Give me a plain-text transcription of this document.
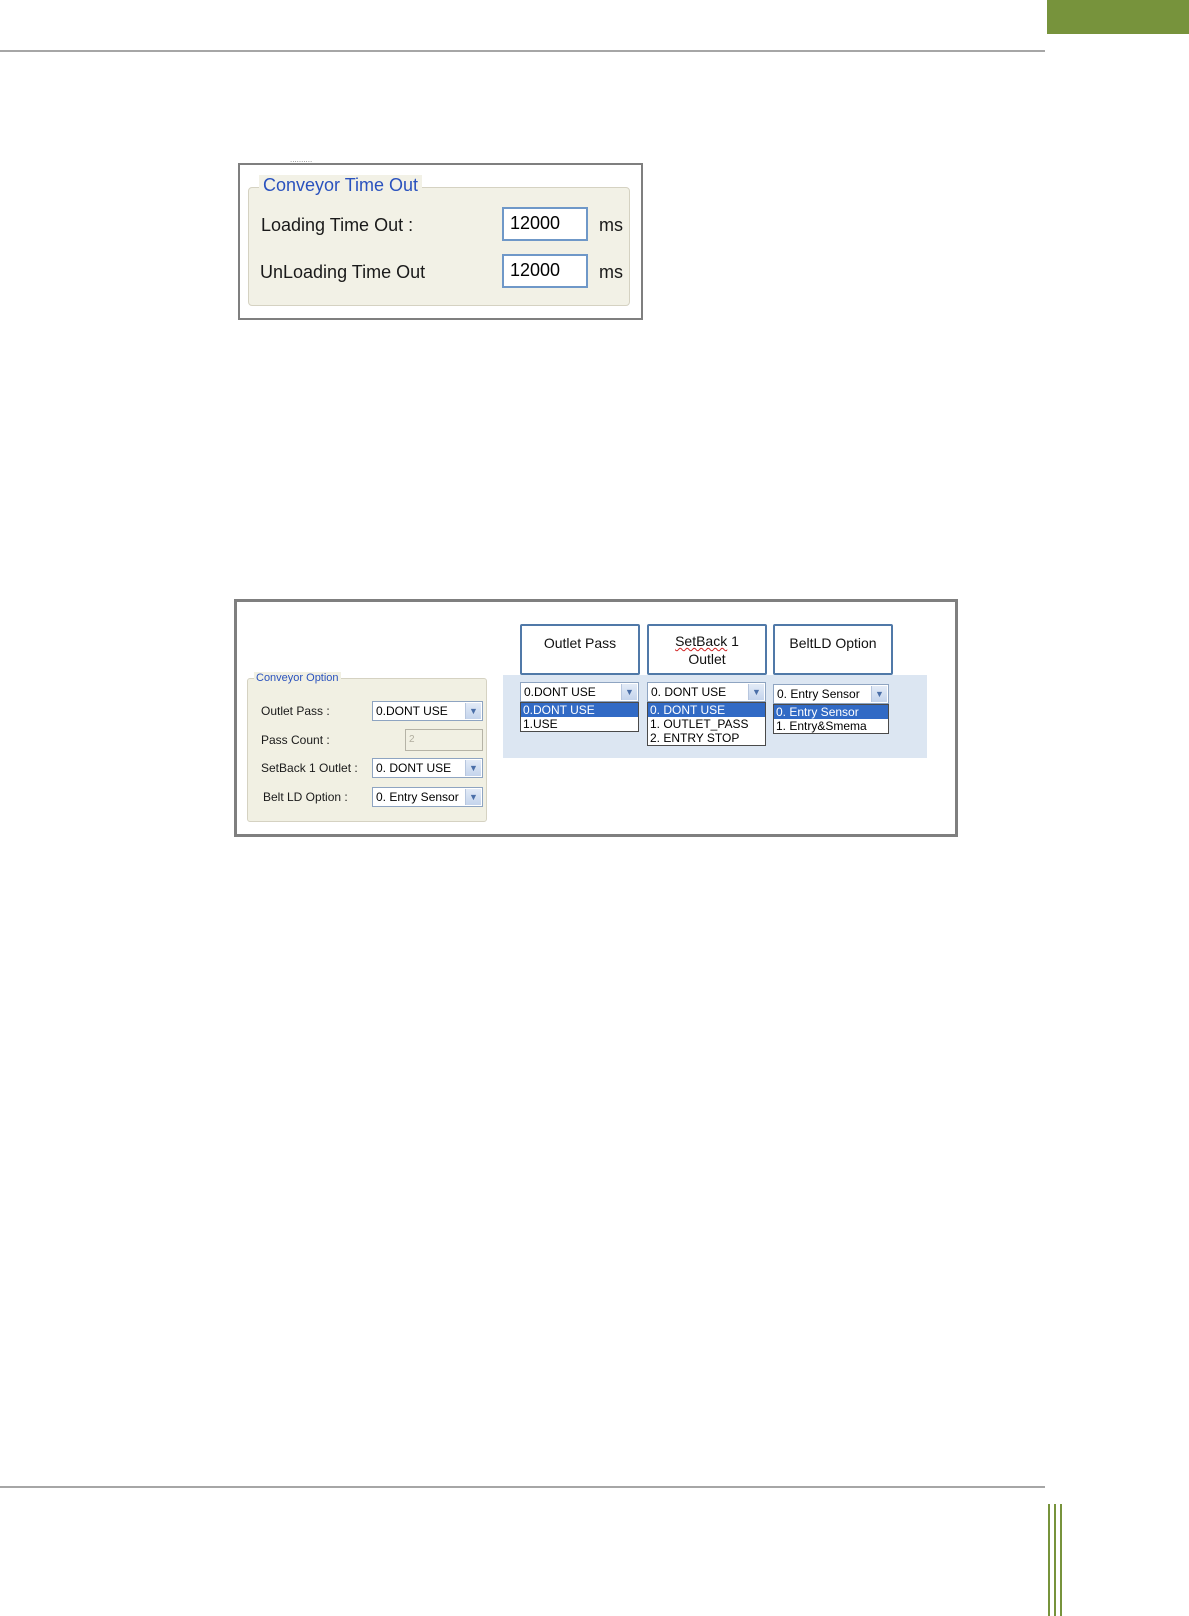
..........
Conveyor Time Out
Loading Time Out :	12000	ms
UnLoading Time Out	12000	ms
Conveyor Option
Outlet Pass :	0.DONT USE	▼
Pass Count :	2
SetBack 1 Outlet :	0. DONT USE	▼
Belt LD Option :	0. Entry Sensor	▼
Outlet Pass	SetBack 1
Outlet
BeltLD Option
0.DONT USE	▼
0.DONT USE
1.USE
0. DONT USE	▼
0. DONT USE
1. OUTLET_PASS
2. ENTRY STOP
0. Entry Sensor	▼
0. Entry Sensor
1. Entry&Smema
